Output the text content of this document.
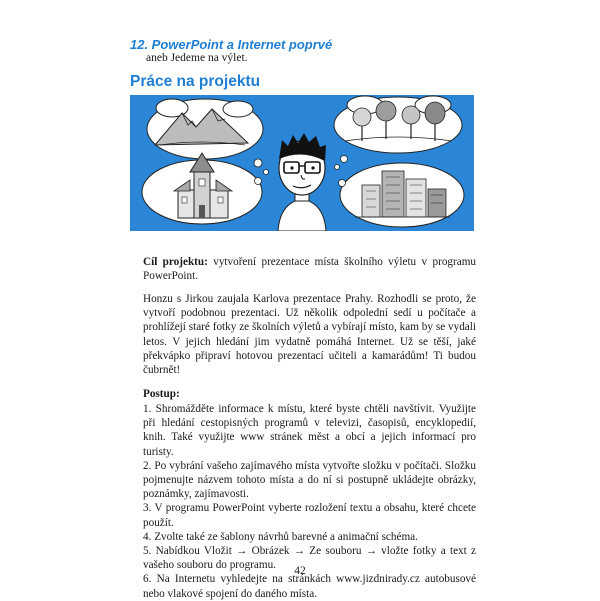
12. PowerPoint a Internet poprvé
aneb Jedeme na výlet.
Práce na projektu
Cíl projektu: vytvoření prezentace místa školního výletu v programu PowerPoint.
Honzu s Jirkou zaujala Karlova prezentace Prahy. Rozhodli se proto, že vytvoří podobnou prezentaci. Už několik odpolední sedí u počítače a prohlížejí staré fotky ze školních výletů a vybírají místo, kam by se vydali letos. V jejich hledání jim vydatně pomáhá Internet. Už se těší, jaké překvápko připraví hotovou prezentací učiteli a kamarádům! Ti budou čubrnět!
Postup:
1. Shromážděte informace k místu, které byste chtěli navštívit. Využijte při hledání cestopisných programů v televizi, časopisů, encyklopedií, knih. Také využijte www stránek měst a obcí a jejich informací pro turisty.
2. Po vybrání vašeho zajímavého místa vytvořte složku v počítači. Složku pojmenujte názvem tohoto místa a do ní si postupně ukládejte obrázky, poznámky, zajímavosti.
3. V programu PowerPoint vyberte rozložení textu a obsahu, které chcete použít.
4. Zvolte také ze šablony návrhů barevné a animační schéma.
5. Nabídkou Vložit → Obrázek → Ze souboru → vložte fotky a text z vašeho souboru do programu.
6. Na Internetu vyhledejte na stránkách www.jizdnirady.cz autobusové nebo vlakové spojení do daného místa.
42
